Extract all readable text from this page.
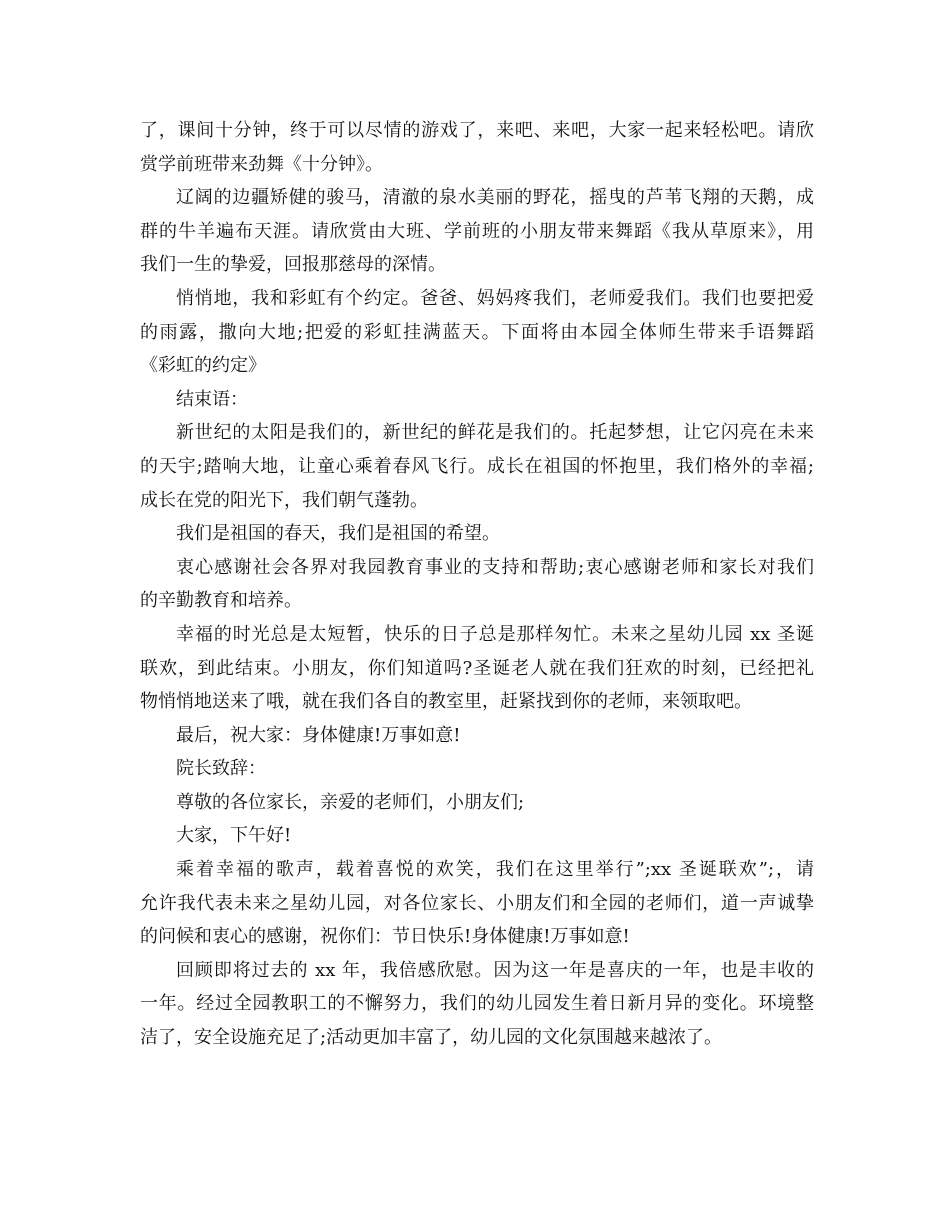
了，课间十分钟，终于可以尽情的游戏了，来吧、来吧，大家一起来轻松吧。请欣
赏学前班带来劲舞《十分钟》。
辽阔的边疆矫健的骏马，清澈的泉水美丽的野花，摇曳的芦苇飞翔的天鹅，成
群的牛羊遍布天涯。请欣赏由大班、学前班的小朋友带来舞蹈《我从草原来》，用
我们一生的挚爱，回报那慈母的深情。
悄悄地，我和彩虹有个约定。爸爸、妈妈疼我们，老师爱我们。我们也要把爱
的雨露，撒向大地;把爱的彩虹挂满蓝天。下面将由本园全体师生带来手语舞蹈
《彩虹的约定》
结束语：
新世纪的太阳是我们的，新世纪的鲜花是我们的。托起梦想，让它闪亮在未来
的天宇;踏响大地，让童心乘着春风飞行。成长在祖国的怀抱里，我们格外的幸福;
成长在党的阳光下，我们朝气蓬勃。
我们是祖国的春天，我们是祖国的希望。
衷心感谢社会各界对我园教育事业的支持和帮助;衷心感谢老师和家长对我们
的辛勤教育和培养。
幸福的时光总是太短暂，快乐的日子总是那样匆忙。未来之星幼儿园 xx 圣诞
联欢，到此结束。小朋友，你们知道吗?圣诞老人就在我们狂欢的时刻，已经把礼
物悄悄地送来了哦，就在我们各自的教室里，赶紧找到你的老师，来领取吧。
最后，祝大家：身体健康!万事如意!
院长致辞：
尊敬的各位家长，亲爱的老师们，小朋友们;
大家，下午好!
乘着幸福的歌声，载着喜悦的欢笑，我们在这里举行”;xx 圣诞联欢”;，请
允许我代表未来之星幼儿园，对各位家长、小朋友们和全园的老师们，道一声诚挚
的问候和衷心的感谢，祝你们：节日快乐!身体健康!万事如意!
回顾即将过去的 xx 年，我倍感欣慰。因为这一年是喜庆的一年，也是丰收的
一年。经过全园教职工的不懈努力，我们的幼儿园发生着日新月异的变化。环境整
洁了，安全设施充足了;活动更加丰富了，幼儿园的文化氛围越来越浓了。
